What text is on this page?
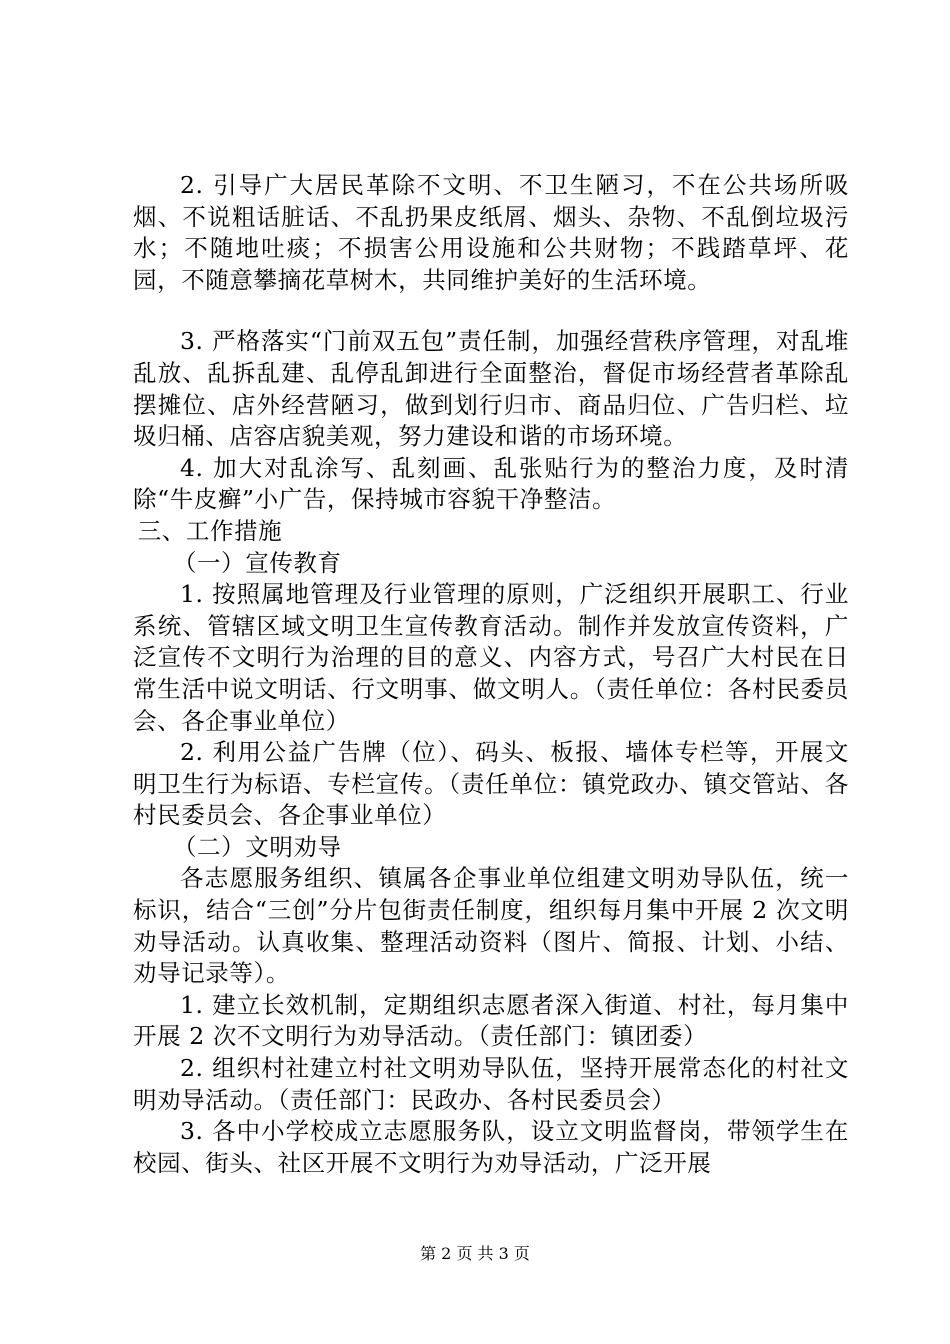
2. 引导广大居民革除不文明、不卫生陋习，不在公共场所吸烟、不说粗话脏话、不乱扔果皮纸屑、烟头、杂物、不乱倒垃圾污水；不随地吐痰；不损害公用设施和公共财物；不践踏草坪、花园，不随意攀摘花草树木，共同维护美好的生活环境。

3. 严格落实“门前双五包”责任制，加强经营秩序管理，对乱堆乱放、乱拆乱建、乱停乱卸进行全面整治，督促市场经营者革除乱摆摊位、店外经营陋习，做到划行归市、商品归位、广告归栏、垃圾归桶、店容店貌美观，努力建设和谐的市场环境。

4. 加大对乱涂写、乱刻画、乱张贴行为的整治力度，及时清除“牛皮癣”小广告，保持城市容貌干净整洁。

三、工作措施

（一）宣传教育

1. 按照属地管理及行业管理的原则，广泛组织开展职工、行业系统、管辖区域文明卫生宣传教育活动。制作并发放宣传资料，广泛宣传不文明行为治理的目的意义、内容方式，号召广大村民在日常生活中说文明话、行文明事、做文明人。（责任单位：各村民委员会、各企事业单位）

2. 利用公益广告牌（位）、码头、板报、墙体专栏等，开展文明卫生行为标语、专栏宣传。（责任单位：镇党政办、镇交管站、各村民委员会、各企事业单位）

（二）文明劝导

各志愿服务组织、镇属各企事业单位组建文明劝导队伍，统一标识，结合“三创”分片包街责任制度，组织每月集中开展 2 次文明劝导活动。认真收集、整理活动资料（图片、简报、计划、小结、劝导记录等）。

1. 建立长效机制，定期组织志愿者深入街道、村社，每月集中开展 2 次不文明行为劝导活动。（责任部门：镇团委）

2. 组织村社建立村社文明劝导队伍，坚持开展常态化的村社文明劝导活动。（责任部门：民政办、各村民委员会）

3. 各中小学校成立志愿服务队，设立文明监督岗，带领学生在校园、街头、社区开展不文明行为劝导活动，广泛开展

第 2 页 共 3 页
